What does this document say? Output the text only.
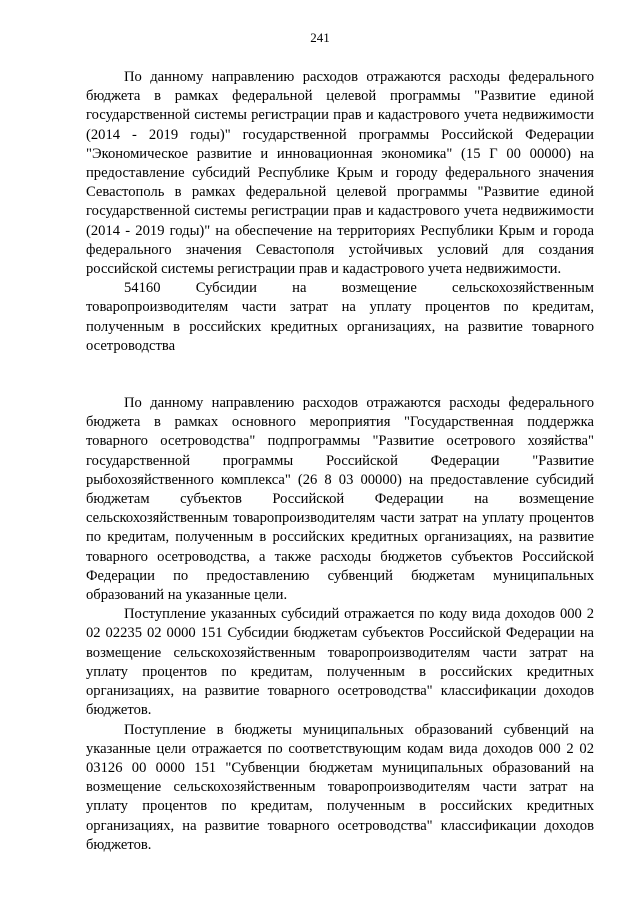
241

По данному направлению расходов отражаются расходы федерального бюджета в рамках федеральной целевой программы "Развитие единой государственной системы регистрации прав и кадастрового учета недвижимости (2014 - 2019 годы)" государственной программы Российской Федерации "Экономическое развитие и инновационная экономика" (15 Г 00 00000) на предоставление субсидий Республике Крым и городу федерального значения Севастополь в рамках федеральной целевой программы "Развитие единой государственной системы регистрации прав и кадастрового учета недвижимости (2014 - 2019 годы)" на обеспечение на территориях Республики Крым и города федерального значения Севастополя устойчивых условий для создания российской системы регистрации прав и кадастрового учета недвижимости.

54160 Субсидии на возмещение сельскохозяйственным товаропроизводителям части затрат на уплату процентов по кредитам, полученным в российских кредитных организациях, на развитие товарного осетроводства

По данному направлению расходов отражаются расходы федерального бюджета в рамках основного мероприятия "Государственная поддержка товарного осетроводства" подпрограммы "Развитие осетрового хозяйства" государственной программы Российской Федерации "Развитие рыбохозяйственного комплекса" (26 8 03 00000) на предоставление субсидий бюджетам субъектов Российской Федерации на возмещение сельскохозяйственным товаропроизводителям части затрат на уплату процентов по кредитам, полученным в российских кредитных организациях, на развитие товарного осетроводства, а также расходы бюджетов субъектов Российской Федерации по предоставлению субвенций бюджетам муниципальных образований на указанные цели.

Поступление указанных субсидий отражается по коду вида доходов 000 2 02 02235 02 0000 151 Субсидии бюджетам субъектов Российской Федерации на возмещение сельскохозяйственным товаропроизводителям части затрат на уплату процентов по кредитам, полученным в российских кредитных организациях, на развитие товарного осетроводства" классификации доходов бюджетов.

Поступление в бюджеты муниципальных образований субвенций на указанные цели отражается по соответствующим кодам вида доходов 000 2 02 03126 00 0000 151 "Субвенции бюджетам муниципальных образований на возмещение сельскохозяйственным товаропроизводителям части затрат на уплату процентов по кредитам, полученным в российских кредитных организациях, на развитие товарного осетроводства" классификации доходов бюджетов.
